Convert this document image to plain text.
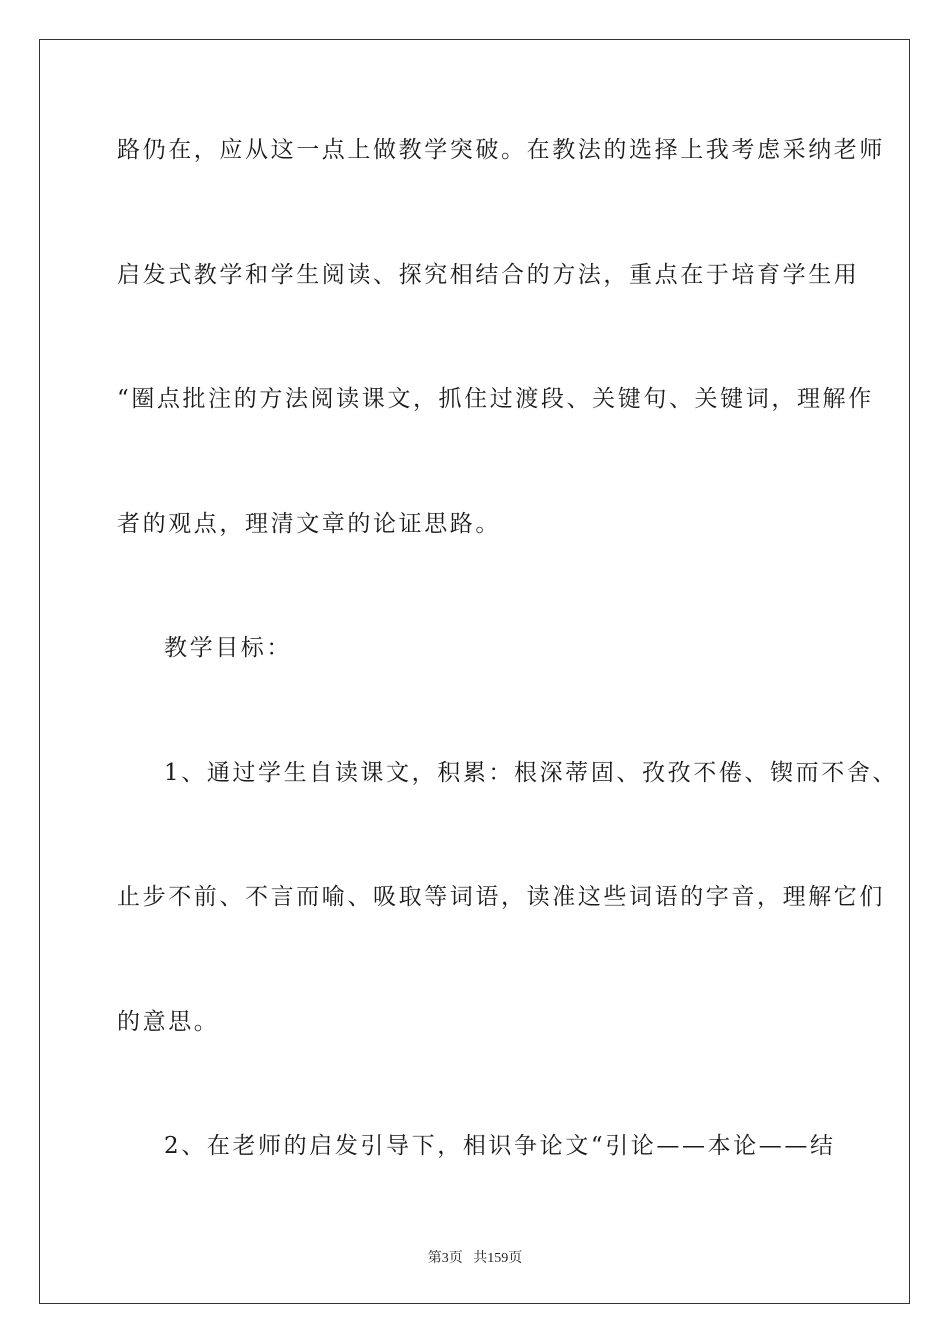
路仍在，应从这一点上做教学突破。在教法的选择上我考虑采纳老师
启发式教学和学生阅读、探究相结合的方法，重点在于培育学生用
“圈点批注的方法阅读课文，抓住过渡段、关键句、关键词，理解作
者的观点，理清文章的论证思路。
教学目标：
1、通过学生自读课文，积累：根深蒂固、孜孜不倦、锲而不舍、
止步不前、不言而喻、吸取等词语，读准这些词语的字音，理解它们
的意思。
2、在老师的启发引导下，相识争论文“引论——本论——结
第3页 共159页
